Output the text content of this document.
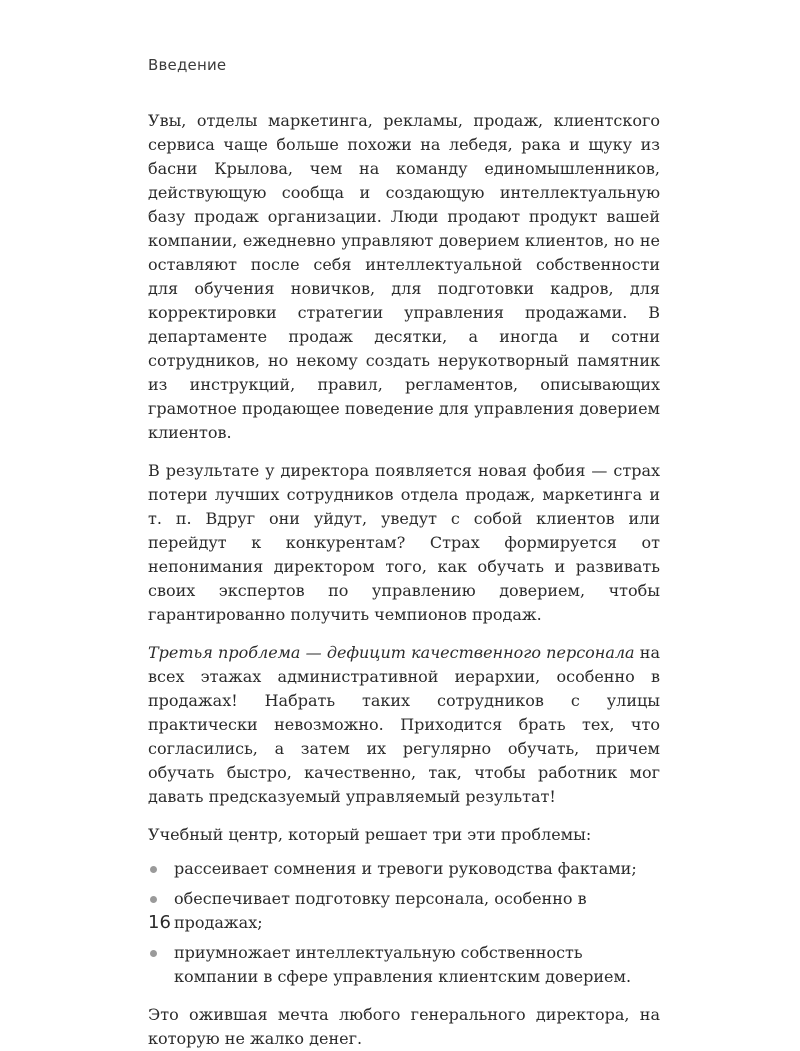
Введение

Увы, отделы маркетинга, рекламы, продаж, клиентского сервиса чаще больше похожи на лебедя, рака и щуку из басни Крылова, чем на команду единомышленников, действующую сообща и создающую интеллектуальную базу продаж организации. Люди продают продукт вашей компании, ежедневно управляют доверием клиентов, но не оставляют после себя интеллектуальной собственности для обучения новичков, для подготовки кадров, для корректировки стратегии управления продажами. В департаменте продаж десятки, а иногда и сотни сотрудников, но некому создать нерукотворный памятник из инструкций, правил, регламентов, описывающих грамотное продающее поведение для управления доверием клиентов.

В результате у директора появляется новая фобия — страх потери лучших сотрудников отдела продаж, маркетинга и т. п. Вдруг они уйдут, уведут с собой клиентов или перейдут к конкурентам? Страх формируется от непонимания директором того, как обучать и развивать своих экспертов по управлению доверием, чтобы гарантированно получить чемпионов продаж.

Третья проблема — дефицит качественного персонала на всех этажах административной иерархии, особенно в продажах! Набрать таких сотрудников с улицы практически невозможно. Приходится брать тех, что согласились, а затем их регулярно обучать, причем обучать быстро, качественно, так, чтобы работник мог давать предсказуемый управляемый результат!

Учебный центр, который решает три эти проблемы:

рассеивает сомнения и тревоги руководства фактами;
обеспечивает подготовку персонала, особенно в продажах;
приумножает интеллектуальную собственность компании в сфере управления клиентским доверием.

Это ожившая мечта любого генерального директора, на которую не жалко денег.

16
